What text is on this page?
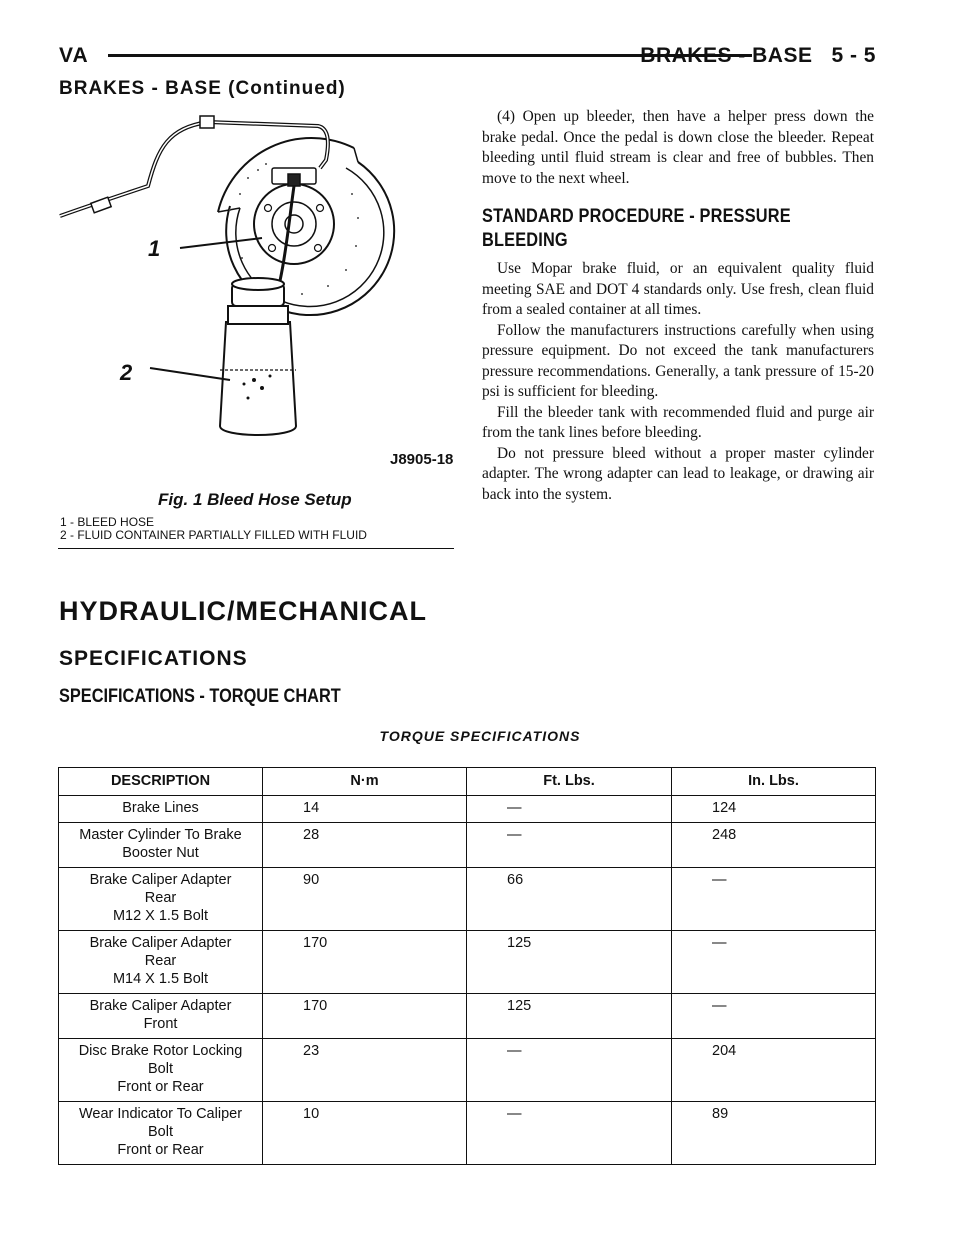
VA	BRAKES - BASE   5 - 5
BRAKES - BASE (Continued)
1
2
J8905-18
Fig. 1 Bleed Hose Setup
1 - BLEED HOSE
2 - FLUID CONTAINER PARTIALLY FILLED WITH FLUID

(4) Open up bleeder, then have a helper press down the brake pedal. Once the pedal is down close the bleeder. Repeat bleeding until fluid stream is clear and free of bubbles. Then move to the next wheel.

STANDARD PROCEDURE - PRESSURE BLEEDING

Use Mopar brake fluid, or an equivalent quality fluid meeting SAE and DOT 4 standards only. Use fresh, clean fluid from a sealed container at all times.

Follow the manufacturers instructions carefully when using pressure equipment. Do not exceed the tank manufacturers pressure recommendations. Generally, a tank pressure of 15-20 psi is sufficient for bleeding.

Fill the bleeder tank with recommended fluid and purge air from the tank lines before bleeding.

Do not pressure bleed without a proper master cylinder adapter. The wrong adapter can lead to leakage, or drawing air back into the system.

HYDRAULIC/MECHANICAL
SPECIFICATIONS
SPECIFICATIONS - TORQUE CHART
TORQUE SPECIFICATIONS
DESCRIPTION	N·m	Ft. Lbs.	In. Lbs.

Brake Lines	14	—	124

Master Cylinder To Brake
Booster Nut	28	—	248

Brake Caliper Adapter
Rear
M12 X 1.5 Bolt	90	66	—

Brake Caliper Adapter
Rear
M14 X 1.5 Bolt	170	125	—

Brake Caliper Adapter
Front	170	125	—

Disc Brake Rotor Locking
Bolt
Front or Rear	23	—	204

Wear Indicator To Caliper
Bolt
Front or Rear	10	—	89
